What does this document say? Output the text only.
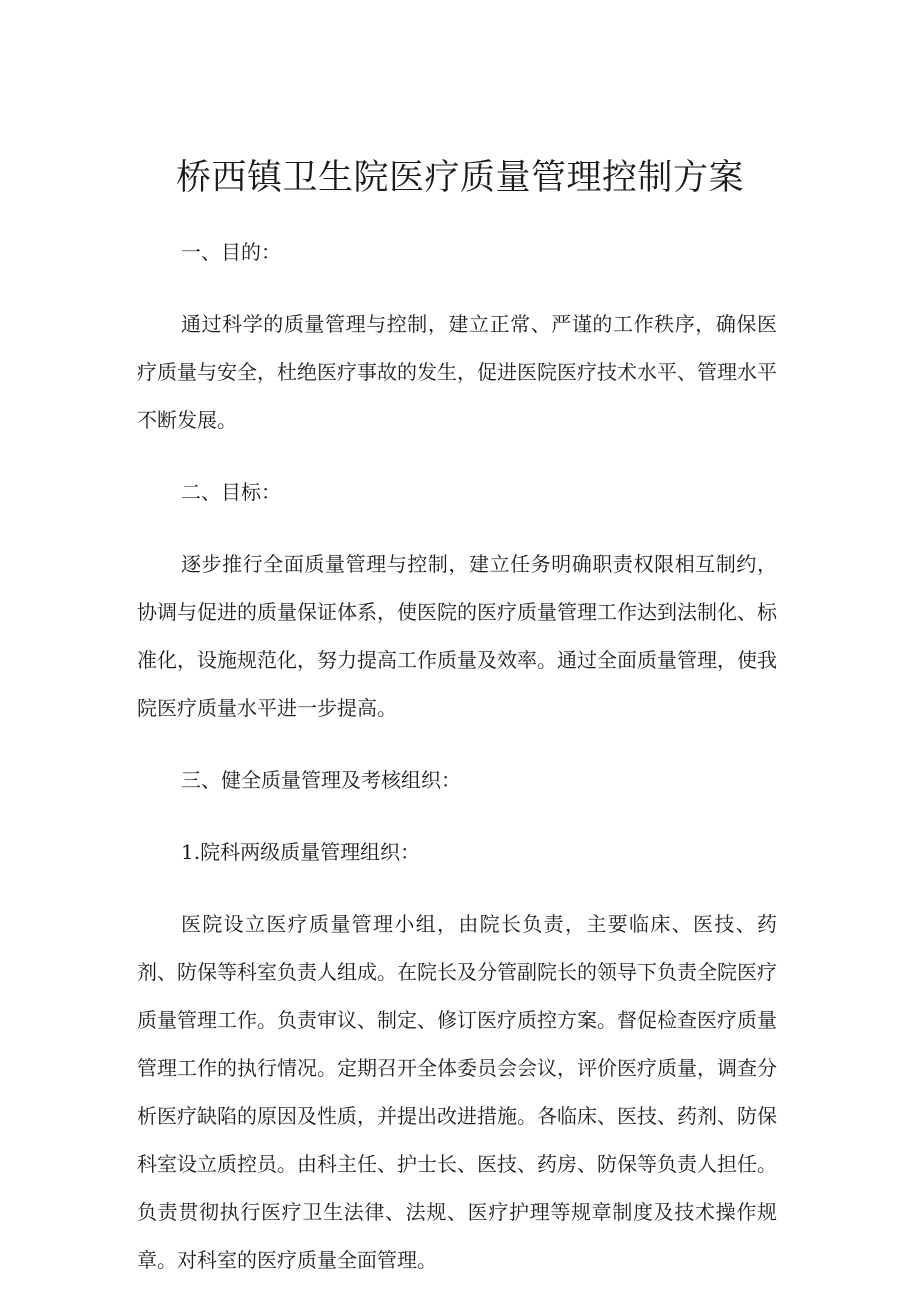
桥西镇卫生院医疗质量管理控制方案

一、目的：

通过科学的质量管理与控制，建立正常、严谨的工作秩序，确保医疗质量与安全，杜绝医疗事故的发生，促进医院医疗技术水平、管理水平不断发展。

二、目标：

逐步推行全面质量管理与控制，建立任务明确职责权限相互制约，协调与促进的质量保证体系，使医院的医疗质量管理工作达到法制化、标准化，设施规范化，努力提高工作质量及效率。通过全面质量管理，使我院医疗质量水平进一步提高。

三、健全质量管理及考核组织：

1.院科两级质量管理组织：

医院设立医疗质量管理小组，由院长负责，主要临床、医技、药剂、防保等科室负责人组成。在院长及分管副院长的领导下负责全院医疗质量管理工作。负责审议、制定、修订医疗质控方案。督促检查医疗质量管理工作的执行情况。定期召开全体委员会会议，评价医疗质量，调查分析医疗缺陷的原因及性质，并提出改进措施。各临床、医技、药剂、防保科室设立质控员。由科主任、护士长、医技、药房、防保等负责人担任。负责贯彻执行医疗卫生法律、法规、医疗护理等规章制度及技术操作规章。对科室的医疗质量全面管理。
